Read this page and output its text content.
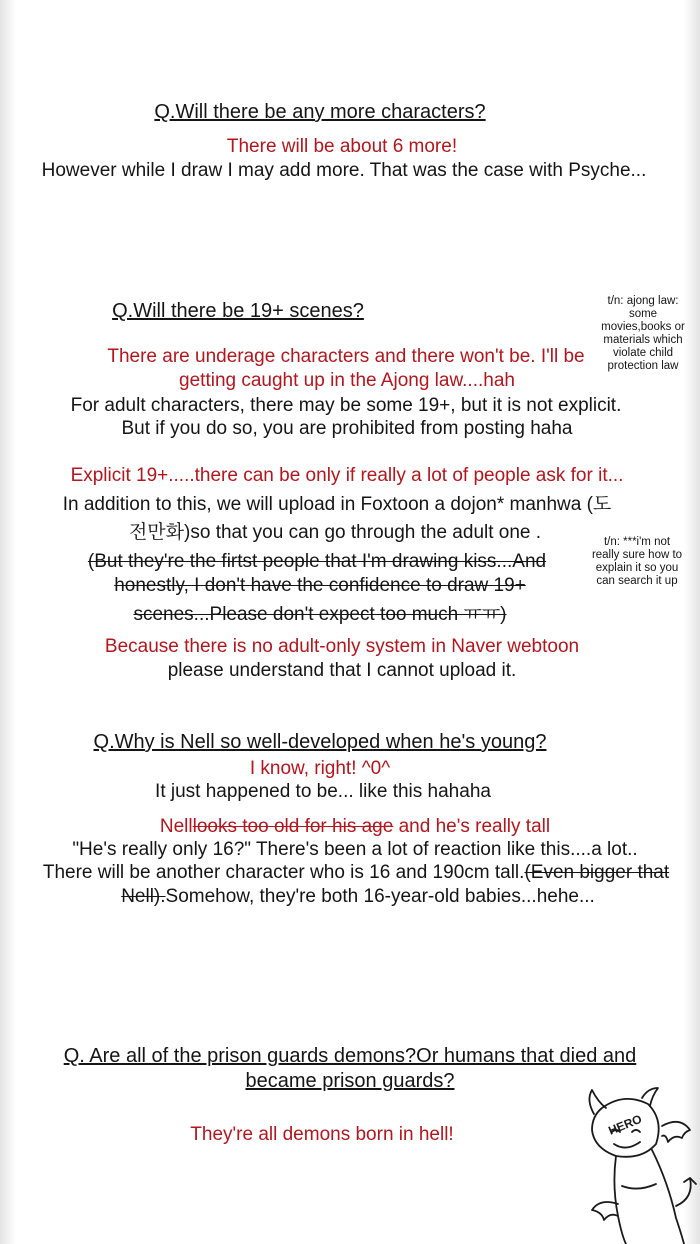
Q.Will there be any more characters?
There will be about 6 more!
However while I draw I may add more. That was the case with Psyche...
Q.Will there be 19+ scenes?	t/n: ajong law:
some
movies,books or
materials which
violate child
protection law
There are underage characters and there won't be. I'll be
getting caught up in the Ajong law....hah
For adult characters, there may be some 19+, but it is not explicit.
But if you do so, you are prohibited from posting haha
Explicit 19+.....there can be only if really a lot of people ask for it...
In addition to this, we will upload in Foxtoon a dojon* manhwa (도
전만화)so that you can go through the adult one .	t/n: ***i'm not
really sure how to
explain it so you
can search it up
(But they're the firtst people that I'm drawing kiss...And
honestly, I don't have the confidence to draw 19+
scenes...Please don't expect too much ㅠㅠ)
Because there is no adult-only system in Naver webtoon
please understand that I cannot upload it.
Q.Why is Nell so well-developed when he's young?
I know, right! ^0^
It just happened to be... like this hahaha
Nelllooks too old for his age and he's really tall
"He's really only 16?" There's been a lot of reaction like this....a lot..
There will be another character who is 16 and 190cm tall.(Even bigger that
Nell).Somehow, they're both 16-year-old babies...hehe...
Q. Are all of the prison guards demons?Or humans that died and
became prison guards?
They're all demons born in hell!	HERO
